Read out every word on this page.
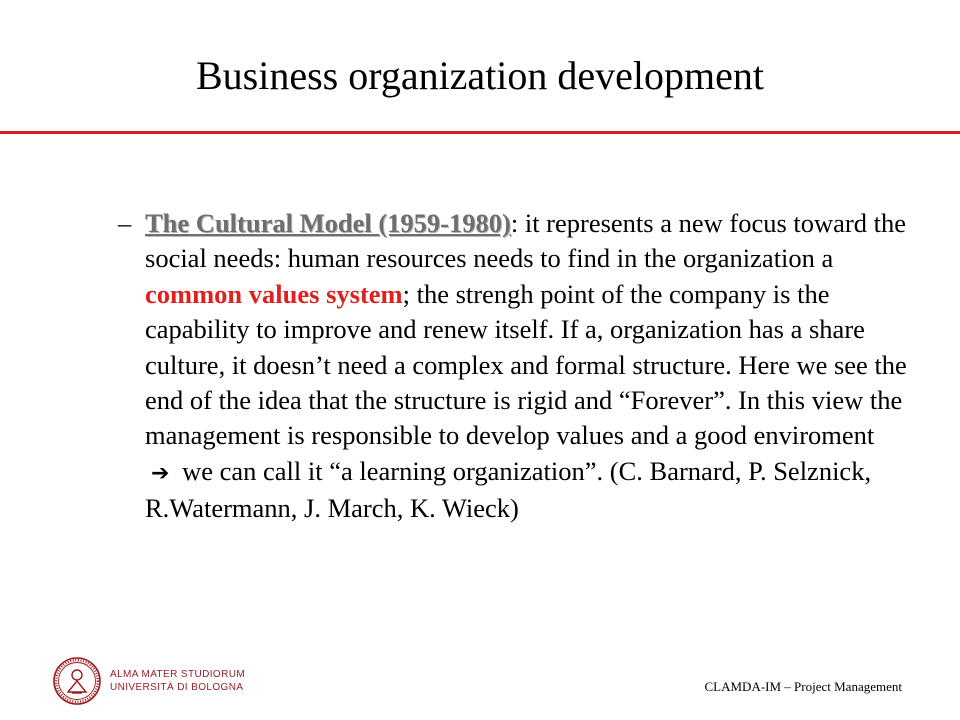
Business organization development
– The Cultural Model (1959-1980): it represents a new focus toward the social needs: human resources needs to find in the organization a common values system; the strengh point of the company is the capability to improve and renew itself. If a, organization has a share culture, it doesn’t need a complex and formal structure. Here we see the end of the idea that the structure is rigid and “Forever”. In this view the management is responsible to develop values and a good enviroment ➔ we can call it “a learning organization”. (C. Barnard, P. Selznick, R.Watermann, J. March, K. Wieck)
ALMA MATER STUDIORUM
UNIVERSITÀ DI BOLOGNA	CLAMDA-IM – Project Management
